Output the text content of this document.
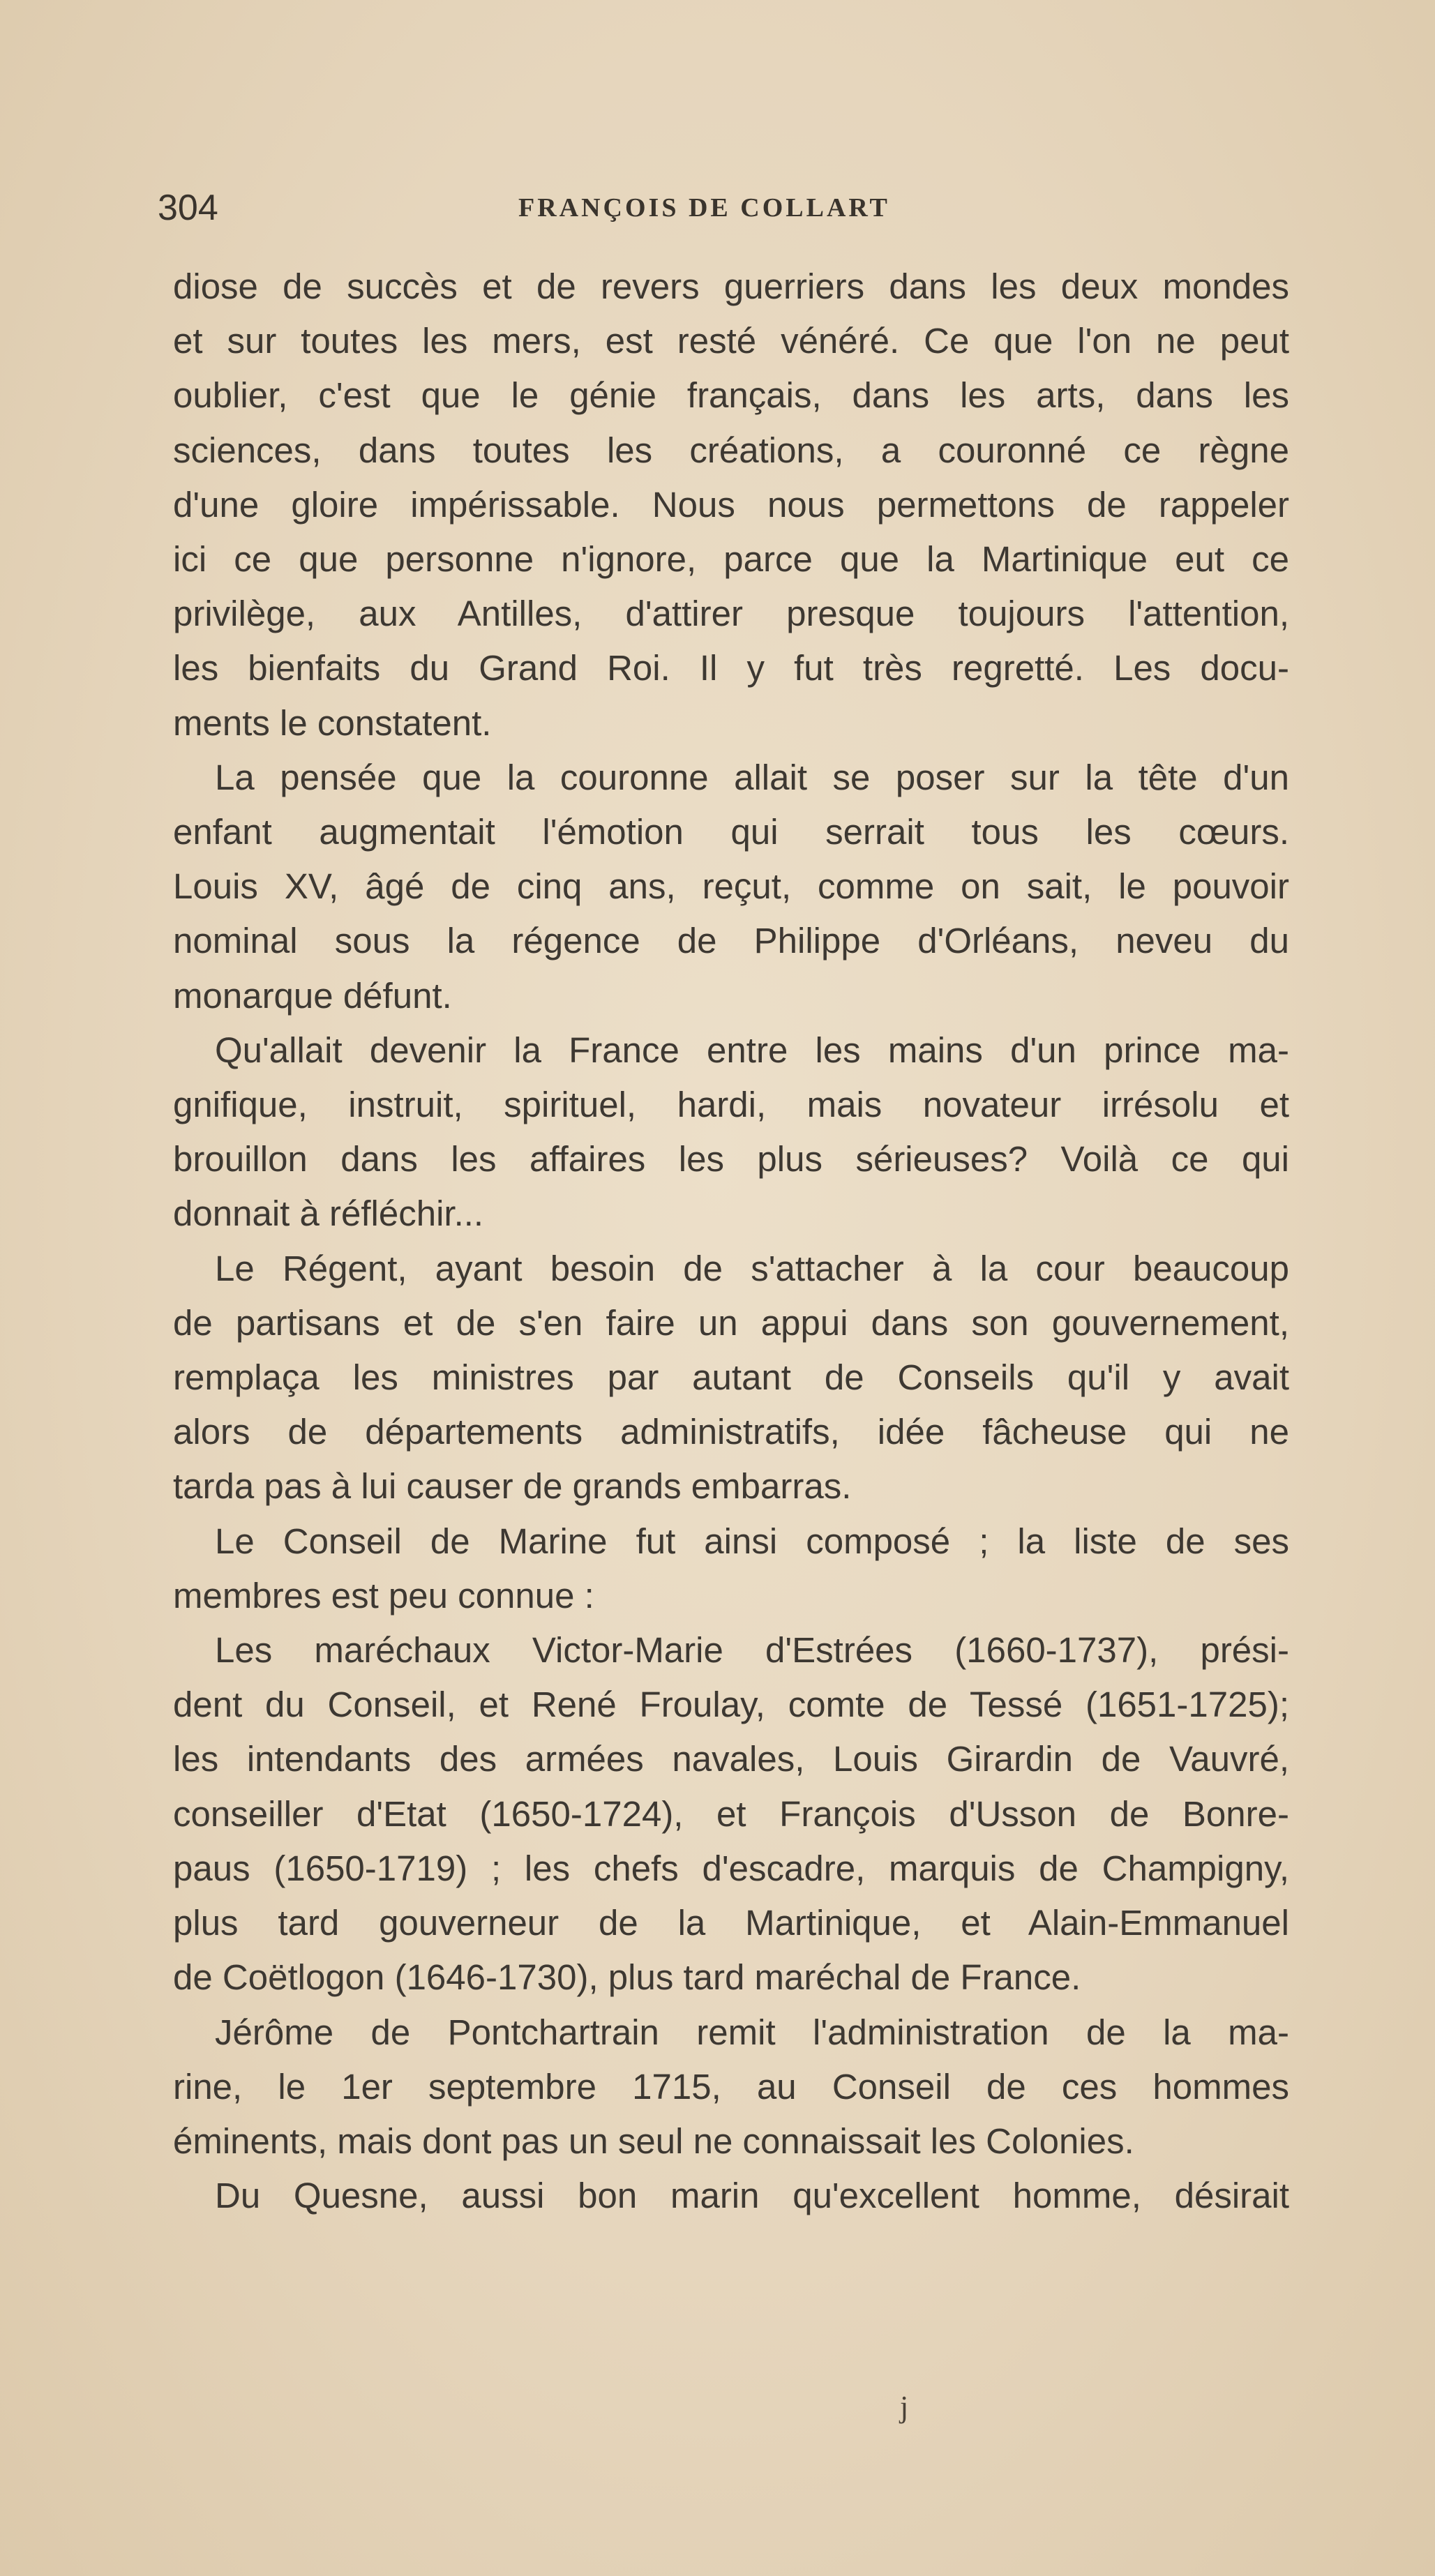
304	FRANÇOIS DE COLLART
diose de succès et de revers guerriers dans les deux mondes
et sur toutes les mers, est resté vénéré. Ce que l'on ne peut
oublier, c'est que le génie français, dans les arts, dans les
sciences, dans toutes les créations, a couronné ce règne
d'une gloire impérissable. Nous nous permettons de rappeler
ici ce que personne n'ignore, parce que la Martinique eut ce
privilège, aux Antilles, d'attirer presque toujours l'attention,
les bienfaits du Grand Roi. Il y fut très regretté. Les docu-
ments le constatent.
La pensée que la couronne allait se poser sur la tête d'un
enfant augmentait l'émotion qui serrait tous les cœurs.
Louis XV, âgé de cinq ans, reçut, comme on sait, le pouvoir
nominal sous la régence de Philippe d'Orléans, neveu du
monarque défunt.
Qu'allait devenir la France entre les mains d'un prince ma-
gnifique, instruit, spirituel, hardi, mais novateur irrésolu et
brouillon dans les affaires les plus sérieuses? Voilà ce qui
donnait à réfléchir...
Le Régent, ayant besoin de s'attacher à la cour beaucoup
de partisans et de s'en faire un appui dans son gouvernement,
remplaça les ministres par autant de Conseils qu'il y avait
alors de départements administratifs, idée fâcheuse qui ne
tarda pas à lui causer de grands embarras.
Le Conseil de Marine fut ainsi composé ; la liste de ses
membres est peu connue :
Les maréchaux Victor-Marie d'Estrées (1660-1737), prési-
dent du Conseil, et René Froulay, comte de Tessé (1651-1725);
les intendants des armées navales, Louis Girardin de Vauvré,
conseiller d'Etat (1650-1724), et François d'Usson de Bonre-
paus (1650-1719) ; les chefs d'escadre, marquis de Champigny,
plus tard gouverneur de la Martinique, et Alain-Emmanuel
de Coëtlogon (1646-1730), plus tard maréchal de France.
Jérôme de Pontchartrain remit l'administration de la ma-
rine, le 1er septembre 1715, au Conseil de ces hommes
éminents, mais dont pas un seul ne connaissait les Colonies.
Du Quesne, aussi bon marin qu'excellent homme, désirait
j
